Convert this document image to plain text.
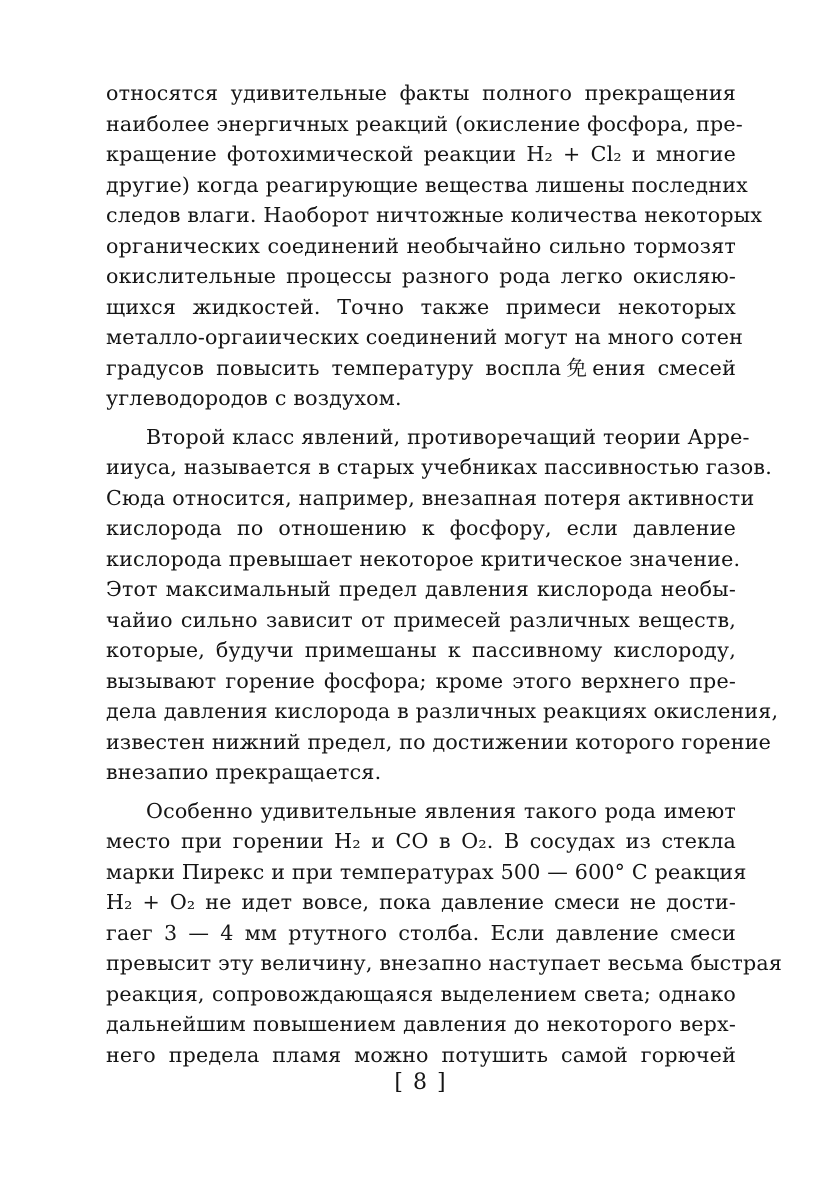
относятся удивительные факты полного прекращения
наиболее энергичных реакций (окисление фосфора, пре-
кращение фотохимической реакции H₂ + Cl₂ и многие
другие) когда реагирующие вещества лишены последних
следов влаги. Наоборот ничтожные количества некоторых
органических соединений необычайно сильно тормозят
окислительные процессы разного рода легко окисляю-
щихся жидкостей. Точно также примеси некоторых
металло-оргаиических соединений могут на много сотен
градусов повысить температуру воспла免ения смесей
углеводородов с воздухом.
Второй класс явлений, противоречащий теории Арре-
ииуса, называется в старых учебниках пассивностью газов.
Сюда относится, например, внезапная потеря активности
кислорода по отношению к фосфору, если давление
кислорода превышает некоторое критическое значение.
Этот максимальный предел давления кислорода необы-
чайио сильно зависит от примесей различных веществ,
которые, будучи примешаны к пассивному кислороду,
вызывают горение фосфора; кроме этого верхнего пре-
дела давления кислорода в различных реакциях окисления,
известен нижний предел, по достижении которого горение
внезапио прекращается.
Особенно удивительные явления такого рода имеют
место при горении H₂ и CO в O₂. В сосудах из стекла
марки Пирекс и при температурах 500 — 600° C реакция
H₂ + O₂ не идет вовсе, пока давление смеси не дости-
гаег 3 — 4 мм ртутного столба. Если давление смеси
превысит эту величину, внезапно наступает весьма быстрая
реакция, сопровождающаяся выделением света; однако
дальнейшим повышением давления до некоторого верх-
него предела пламя можно потушить самой горючей
[ 8 ]
